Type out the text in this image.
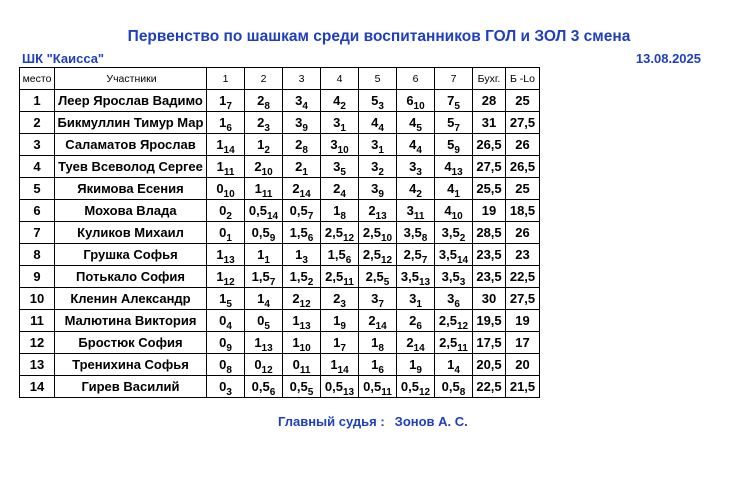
Первенство по шашкам среди воспитанников ГОЛ и ЗОЛ 3 смена
ШК "Каисса"	13.08.2025
место	Участники	1	2	3	4	5	6	7	Бухг.	Б -Lo
1	Леер Ярослав Вадимо	$1_7$	$2_8$	$3_4$	$4_2$	$5_3$	$6_{10}$	$7_5$	28	25
2	Бикмуллин Тимур Мар	$1_6$	$2_3$	$3_9$	$3_1$	$4_4$	$4_5$	$5_7$	31	27,5
3	Саламатов Ярослав	$1_{14}$	$1_2$	$2_8$	$3_{10}$	$3_1$	$4_4$	$5_9$	26,5	26
4	Туев Всеволод Сергее	$1_{11}$	$2_{10}$	$2_1$	$3_5$	$3_2$	$3_3$	$4_{13}$	27,5	26,5
5	Якимова Есения	$0_{10}$	$1_{11}$	$2_{14}$	$2_4$	$3_9$	$4_2$	$4_1$	25,5	25
6	Мохова Влада	$0_2$	$0,5_{14}$	$0,5_7$	$1_8$	$2_{13}$	$3_{11}$	$4_{10}$	19	18,5
7	Куликов Михаил	$0_1$	$0,5_9$	$1,5_6$	$2,5_{12}$	$2,5_{10}$	$3,5_8$	$3,5_2$	28,5	26
8	Грушка Софья	$1_{13}$	$1_1$	$1_3$	$1,5_6$	$2,5_{12}$	$2,5_7$	$3,5_{14}$	23,5	23
9	Потькало София	$1_{12}$	$1,5_7$	$1,5_2$	$2,5_{11}$	$2,5_5$	$3,5_{13}$	$3,5_3$	23,5	22,5
10	Кленин Александр	$1_5$	$1_4$	$2_{12}$	$2_3$	$3_7$	$3_1$	$3_6$	30	27,5
11	Малютина Виктория	$0_4$	$0_5$	$1_{13}$	$1_9$	$2_{14}$	$2_6$	$2,5_{12}$	19,5	19
12	Бростюк София	$0_9$	$1_{13}$	$1_{10}$	$1_7$	$1_8$	$2_{14}$	$2,5_{11}$	17,5	17
13	Тренихина Софья	$0_8$	$0_{12}$	$0_{11}$	$1_{14}$	$1_6$	$1_9$	$1_4$	20,5	20
14	Гирев Василий	$0_3$	$0,5_6$	$0,5_5$	$0,5_{13}$	$0,5_{11}$	$0,5_{12}$	$0,5_8$	22,5	21,5
Главный судья : Зонов А. С.
